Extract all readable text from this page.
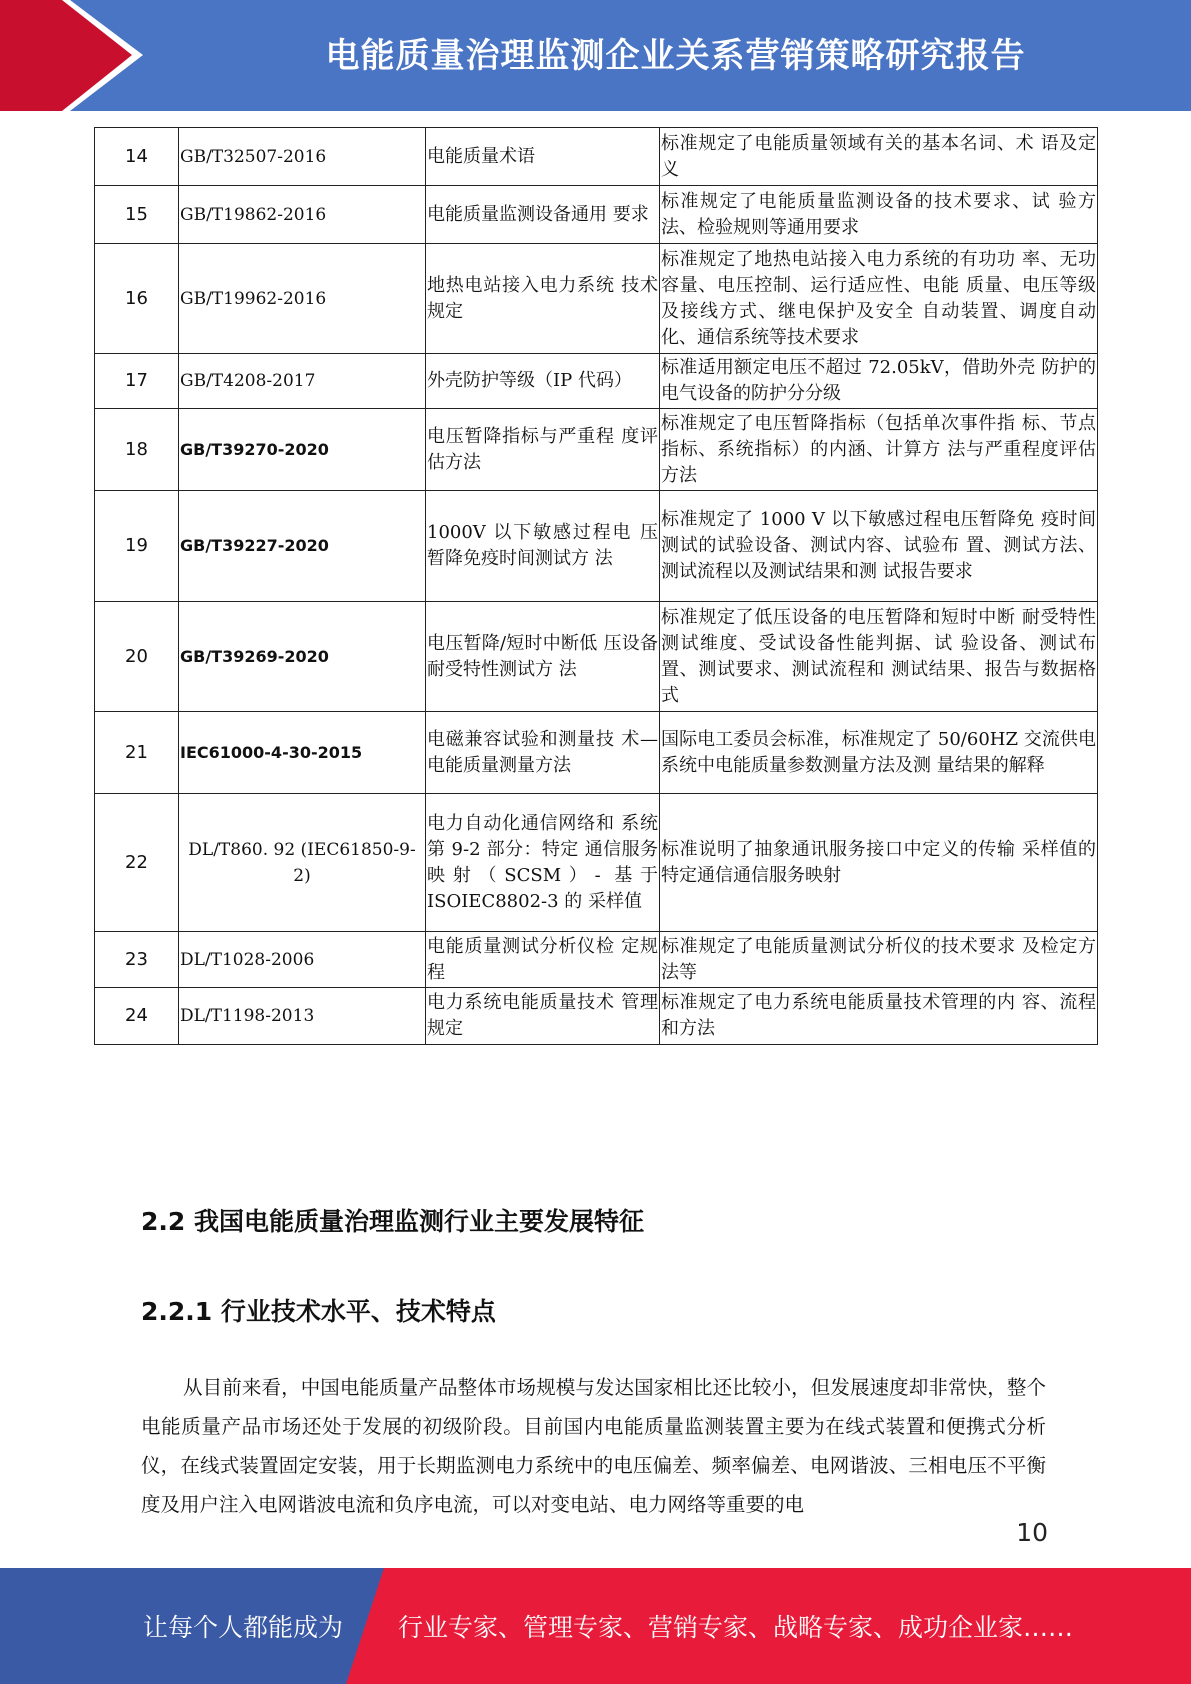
电能质量治理监测企业关系营销策略研究报告
14	GB/T32507-2016	电能质量术语	标准规定了电能质量领域有关的基本名词、术 语及定义
15	GB/T19862-2016	电能质量监测设备通用 要求	标准规定了电能质量监测设备的技术要求、试 验方法、检验规则等通用要求
16	GB/T19962-2016	地热电站接入电力系统 技术规定	标准规定了地热电站接入电力系统的有功功 率、无功容量、电压控制、运行适应性、电能 质量、电压等级及接线方式、继电保护及安全 自动装置、调度自动化、通信系统等技术要求
17	GB/T4208-2017	外壳防护等级（IP 代码）	标准适用额定电压不超过 72.05kV，借助外壳 防护的电气设备的防护分分级
18	GB/T39270-2020	电压暂降指标与严重程 度评估方法	标准规定了电压暂降指标（包括单次事件指 标、节点指标、系统指标）的内涵、计算方 法与严重程度评估方法
19	GB/T39227-2020	1000V 以下敏感过程电 压暂降免疫时间测试方 法	标准规定了 1000 V 以下敏感过程电压暂降免 疫时间测试的试验设备、测试内容、试验布 置、测试方法、测试流程以及测试结果和测 试报告要求
20	GB/T39269-2020	电压暂降/短时中断低 压设备耐受特性测试方 法	标准规定了低压设备的电压暂降和短时中断 耐受特性测试维度、受试设备性能判据、试 验设备、测试布置、测试要求、测试流程和 测试结果、报告与数据格式
21	IEC61000-4-30-2015	电磁兼容试验和测量技 术—电能质量测量方法	国际电工委员会标准，标准规定了 50/60HZ 交流供电系统中电能质量参数测量方法及测 量结果的解释
22	DL/T860. 92 (IEC61850-9-2)	电力自动化通信网络和 系统第 9-2 部分：特定 通信服务映射（SCSM）- 基于 ISOIEC8802-3 的 采样值	标准说明了抽象通讯服务接口中定义的传输 采样值的特定通信通信服务映射
23	DL/T1028-2006	电能质量测试分析仪检 定规程	标准规定了电能质量测试分析仪的技术要求 及检定方法等
24	DL/T1198-2013	电力系统电能质量技术 管理规定	标准规定了电力系统电能质量技术管理的内 容、流程和方法
2.2 我国电能质量治理监测行业主要发展特征
2.2.1 行业技术水平、技术特点

从目前来看，中国电能质量产品整体市场规模与发达国家相比还比较小，但发展速度却非常快，整个电能质量产品市场还处于发展的初级阶段。目前国内电能质量监测装置主要为在线式装置和便携式分析仪，在线式装置固定安装，用于长期监测电力系统中的电压偏差、频率偏差、电网谐波、三相电压不平衡度及用户注入电网谐波电流和负序电流，可以对变电站、电力网络等重要的电

10
让每个人都能成为 行业专家、管理专家、营销专家、战略专家、成功企业家……
